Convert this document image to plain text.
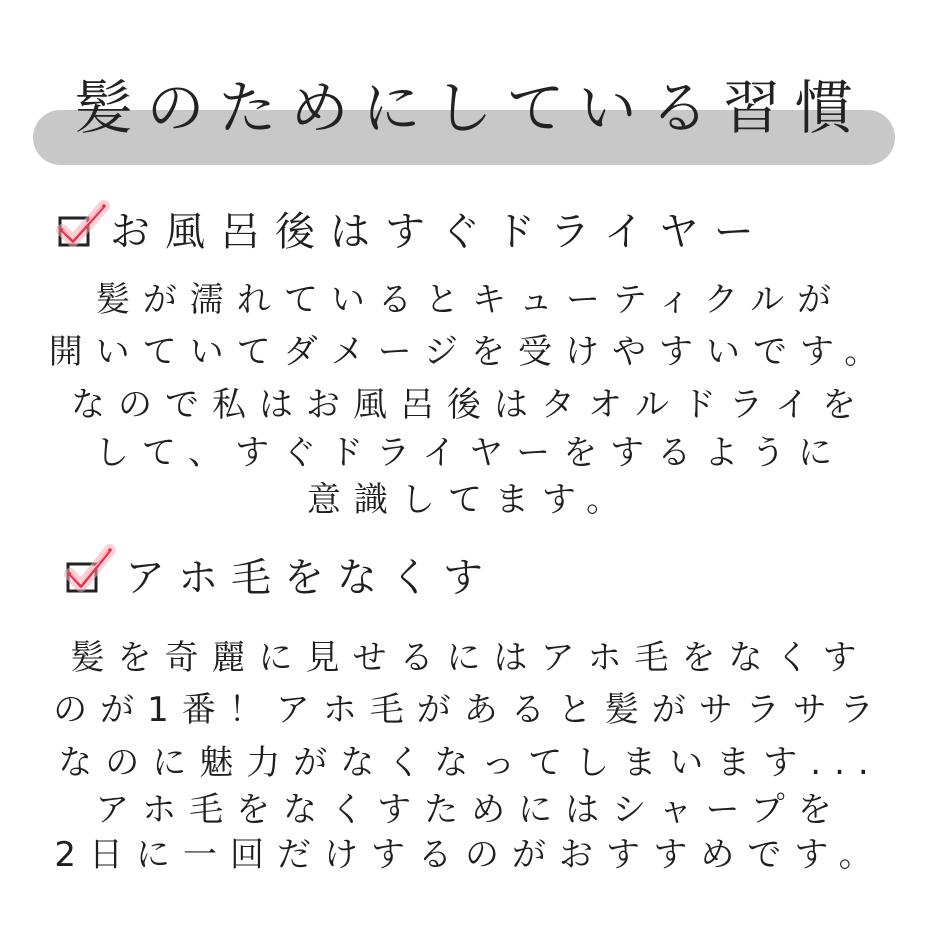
髪のためにしている習慣
お風呂後はすぐドライヤー
髪が濡れているとキューティクルが
開いていてダメージを受けやすいです。
なので私はお風呂後はタオルドライを
して、すぐドライヤーをするように
意識してます。
アホ毛をなくす
髪を奇麗に見せるにはアホ毛をなくす
のが1番！アホ毛があると髪がサラサラ
なのに魅力がなくなってしまいます...
アホ毛をなくすためにはシャープを
2日に一回だけするのがおすすめです。
